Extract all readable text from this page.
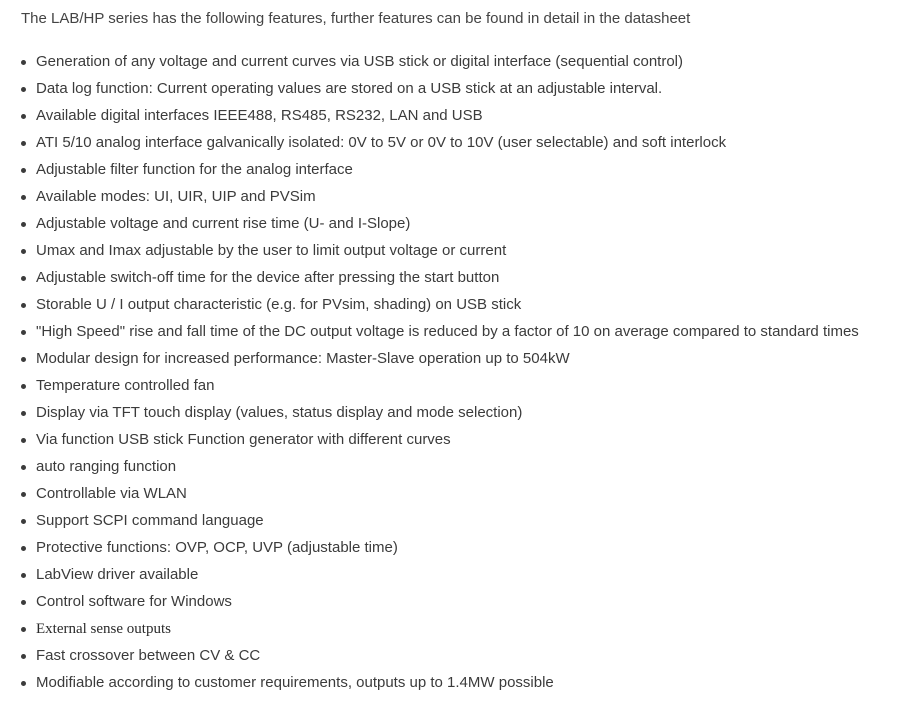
The LAB/HP series has the following features, further features can be found in detail in the datasheet

Generation of any voltage and current curves via USB stick or digital interface (sequential control)
Data log function: Current operating values are stored on a USB stick at an adjustable interval.
Available digital interfaces IEEE488, RS485, RS232, LAN and USB
ATI 5/10 analog interface galvanically isolated: 0V to 5V or 0V to 10V (user selectable) and soft interlock
Adjustable filter function for the analog interface
Available modes: UI, UIR, UIP and PVSim
Adjustable voltage and current rise time (U- and I-Slope)
Umax and Imax adjustable by the user to limit output voltage or current
Adjustable switch-off time for the device after pressing the start button
Storable U / I output characteristic (e.g. for PVsim, shading) on USB stick
"High Speed" rise and fall time of the DC output voltage is reduced by a factor of 10 on average compared to standard times
Modular design for increased performance: Master-Slave operation up to 504kW
Temperature controlled fan
Display via TFT touch display (values, status display and mode selection)
Via function USB stick Function generator with different curves
auto ranging function
Controllable via WLAN
Support SCPI command language
Protective functions: OVP, OCP, UVP (adjustable time)
LabView driver available
Control software for Windows
External sense outputs
Fast crossover between CV & CC
Modifiable according to customer requirements, outputs up to 1.4MW possible
